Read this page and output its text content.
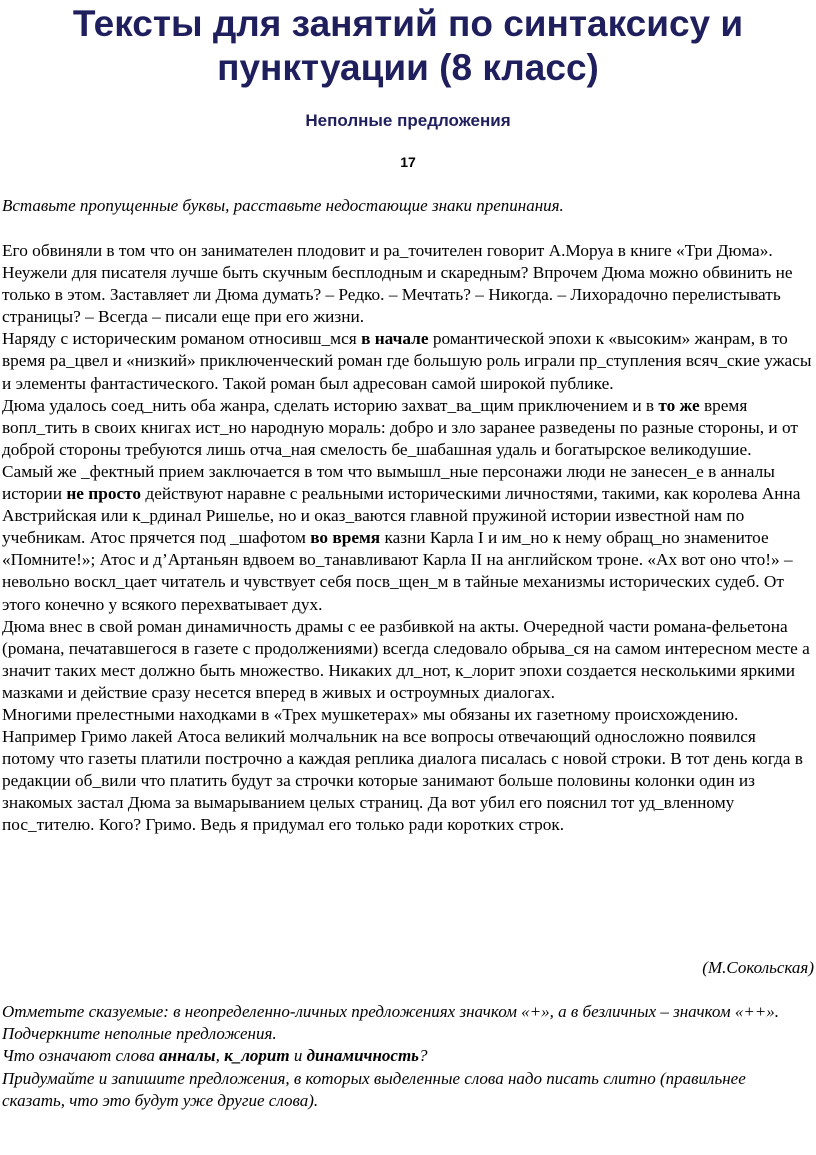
Тексты для занятий по синтаксису и пунктуации (8 класс)
Неполные предложения
17
Вставьте пропущенные буквы, расставьте недостающие знаки препинания.

Его обвиняли в том что он занимателен плодовит и ра_точителен говорит А.Моруа в книге «Три Дюма». Неужели для писателя лучше быть скучным бесплодным и скаредным? Впрочем Дюма можно обвинить не только в этом. Заставляет ли Дюма думать? – Редко. – Мечтать? – Никогда. – Лихорадочно перелистывать страницы? – Всегда – писали еще при его жизни.

Наряду с историческим романом относивш_мся в начале романтической эпохи к «высоким» жанрам, в то время ра_цвел и «низкий» приключенческий роман где большую роль играли пр_ступления всяч_ские ужасы и элементы фантастического. Такой роман был адресован самой широкой публике.

Дюма удалось соед_нить оба жанра, сделать историю захват_ва_щим приключением и в то же время вопл_тить в своих книгах ист_но народную мораль: добро и зло заранее разведены по разные стороны, и от доброй стороны требуются лишь отча_ная смелость бе_шабашная удаль и богатырское великодушие.

Самый же _фектный прием заключается в том что вымышл_ные персонажи люди не занесен_е в анналы истории не просто действуют наравне с реальными историческими личностями, такими, как королева Анна Австрийская или к_рдинал Ришелье, но и оказ_ваются главной пружиной истории известной нам по учебникам. Атос прячется под _шафотом во время казни Карла I и им_но к нему обращ_но знаменитое «Помните!»; Атос и д’Артаньян вдвоем во_танавливают Карла II на английском троне. «Ах вот оно что!» – невольно воскл_цает читатель и чувствует себя посв_щен_м в тайные механизмы исторических судеб. От этого конечно у всякого перехватывает дух.

Дюма внес в свой роман динамичность драмы с ее разбивкой на акты. Очередной части романа-фельетона (романа, печатавшегося в газете с продолжениями) всегда следовало обрыва_ся на самом интересном месте а значит таких мест должно быть множество. Никаких дл_нот, к_лорит эпохи создается несколькими яркими мазками и действие сразу несется вперед в живых и остроумных диалогах.

Многими прелестными находками в «Трех мушкетерах» мы обязаны их газетному происхождению. Например Гримо лакей Атоса великий молчальник на все вопросы отвечающий односложно появился потому что газеты платили построчно а каждая реплика диалога писалась с новой строки. В тот день когда в редакции об_вили что платить будут за строчки которые занимают больше половины колонки один из знакомых застал Дюма за вымарыванием целых страниц. Да вот убил его пояснил тот уд_вленному пос_тителю. Кого? Гримо. Ведь я придумал его только ради коротких строк.

(М.Сокольская)

Отметьте сказуемые: в неопределенно-личных предложениях значком «+», а в безличных – значком «++».

Подчеркните неполные предложения.

Что означают слова анналы, к_лорит и динамичность?

Придумайте и запишите предложения, в которых выделенные слова надо писать слитно (правильнее сказать, что это будут уже другие слова).
